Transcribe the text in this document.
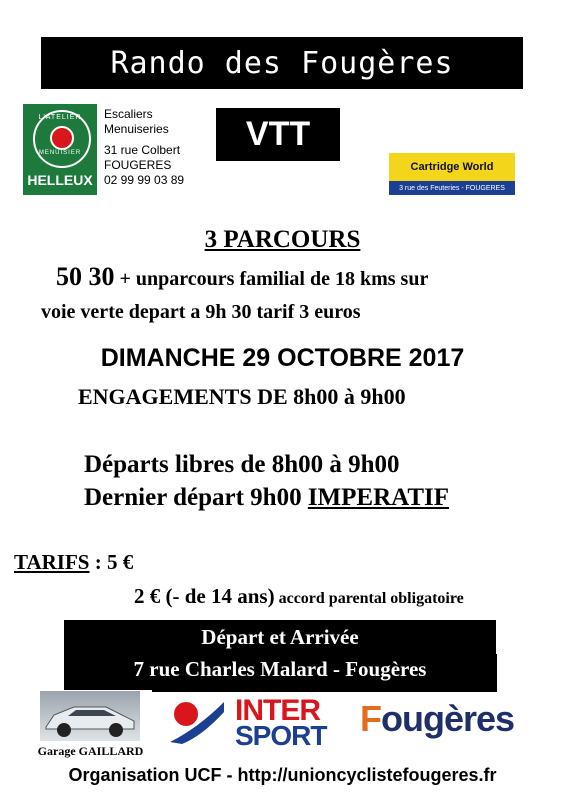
Rando des Fougères
VTT
L'ATELIER
MENUISIER
HELLEUX
Escaliers
Menuiseries
31 rue Colbert
FOUGERES
02 99 99 03 89
Cartridge World
3 rue des Feuteries - FOUGERES
3 PARCOURS
50 30 + unparcours familial de 18 kms sur
voie verte depart a 9h 30 tarif 3 euros
DIMANCHE 29 OCTOBRE 2017
ENGAGEMENTS DE 8h00 à 9h00
Départs libres de 8h00 à 9h00
Dernier départ 9h00 IMPERATIF
TARIFS : 5 €
2 € (- de 14 ans) accord parental obligatoire
Départ et Arrivée
7 rue Charles Malard - Fougères
Garage GAILLARD
INTER
SPORT Fougères
Organisation UCF - http://unioncyclistefougeres.fr
